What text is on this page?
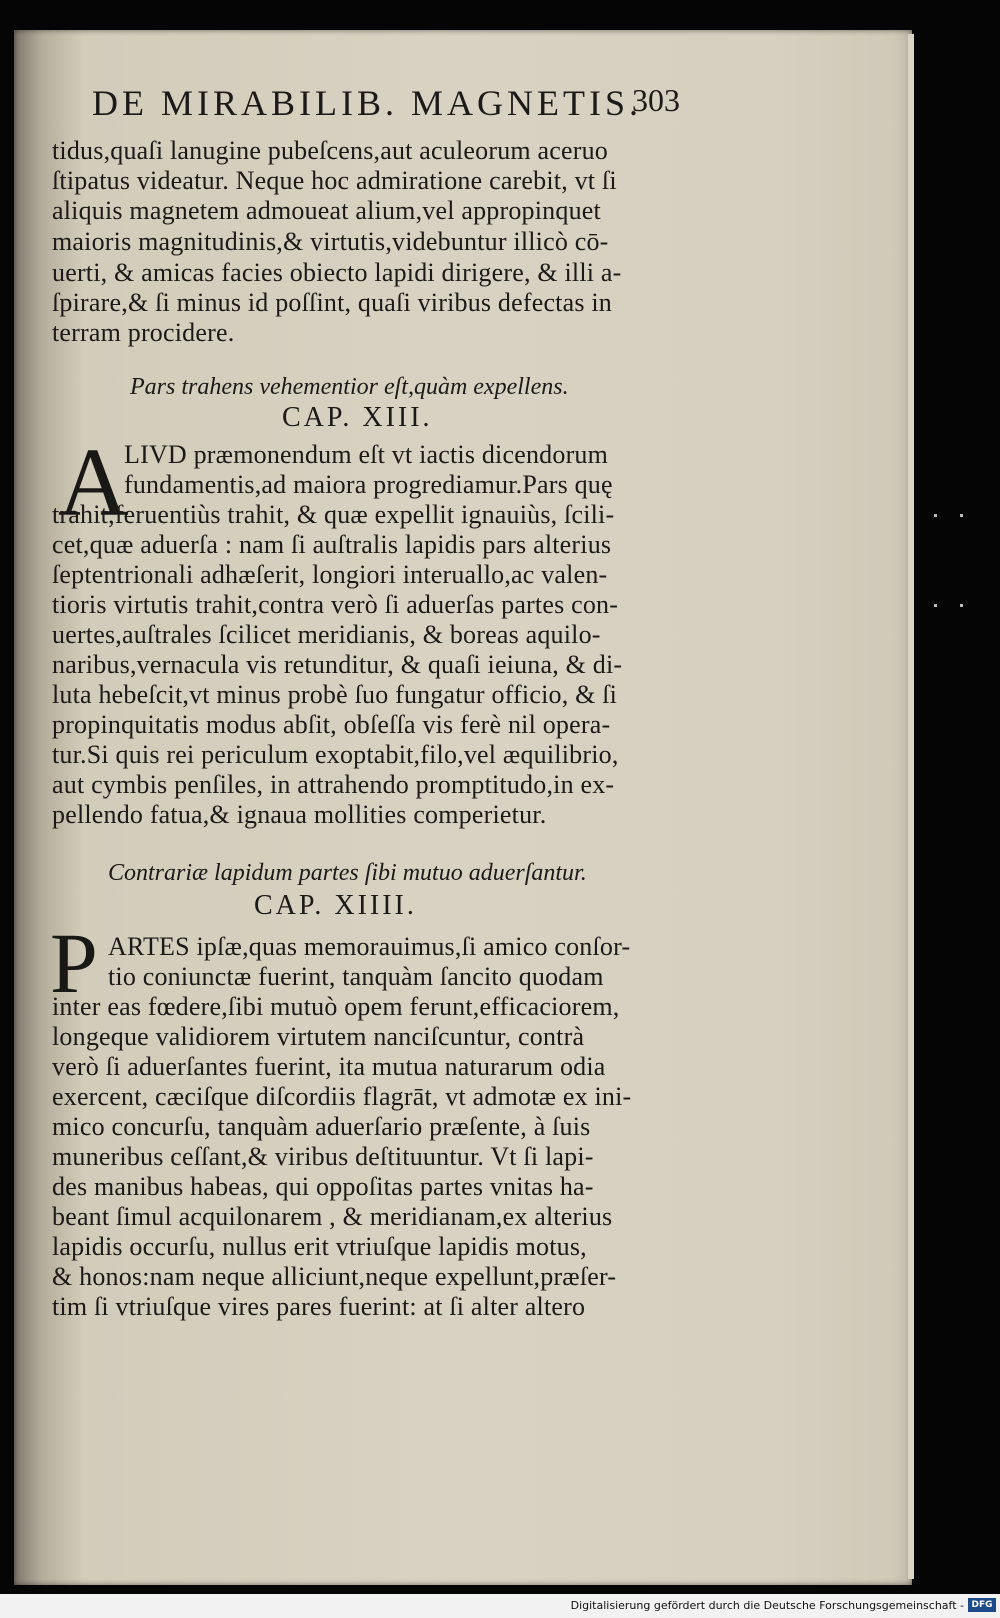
DE MIRABILIB. MAGNETIS.
303
tidus,quaſi lanugine pubeſcens,aut aculeorum aceruo
ſtipatus videatur. Neque hoc admiratione carebit, vt ſi
aliquis magnetem admoueat alium,vel appropinquet
maioris magnitudinis,& virtutis,videbuntur illicò cō-
uerti, & amicas facies obiecto lapidi dirigere, & illi a-
ſpirare,& ſi minus id poſſint, quaſi viribus defectas in
terram procidere.
Pars trahens vehementior eſt,quàm expellens.
CAP. XIII.
A
LIVD præmonendum eſt vt iactis dicendorum
fundamentis,ad maiora progrediamur.Pars quę
trahit,feruentiùs trahit, & quæ expellit ignauiùs, ſcili-
cet,quæ aduerſa : nam ſi auſtralis lapidis pars alterius
ſeptentrionali adhæſerit, longiori interuallo,ac valen-
tioris virtutis trahit,contra verò ſi aduerſas partes con-
uertes,auſtrales ſcilicet meridianis, & boreas aquilo-
naribus,vernacula vis retunditur, & quaſi ieiuna, & di-
luta hebeſcit,vt minus probè ſuo fungatur officio, & ſi
propinquitatis modus abſit, obſeſſa vis ferè nil opera-
tur.Si quis rei periculum exoptabit,filo,vel æquilibrio,
aut cymbis penſiles, in attrahendo promptitudo,in ex-
pellendo fatua,& ignaua mollities comperietur.
Contrariæ lapidum partes ſibi mutuo aduerſantur.
CAP. XIIII.
P ARTES ipſæ,quas memorauimus,ſi amico conſor-
tio coniunctæ fuerint, tanquàm ſancito quodam
inter eas fœdere,ſibi mutuò opem ferunt,efficaciorem,
longeque validiorem virtutem nanciſcuntur, contrà
verò ſi aduerſantes fuerint, ita mutua naturarum odia
exercent, cæciſque diſcordiis flagrāt, vt admotæ ex ini-
mico concurſu, tanquàm aduerſario præſente, à ſuis
muneribus ceſſant,& viribus deſtituuntur. Vt ſi lapi-
des manibus habeas, qui oppoſitas partes vnitas ha-
beant ſimul acquilonarem , & meridianam,ex alterius
lapidis occurſu, nullus erit vtriuſque lapidis motus,
& honos:nam neque alliciunt,neque expellunt,præſer-
tim ſi vtriuſque vires pares fuerint: at ſi alter altero
Digitalisierung gefördert durch die Deutsche Forschungsgemeinschaft - DFG
